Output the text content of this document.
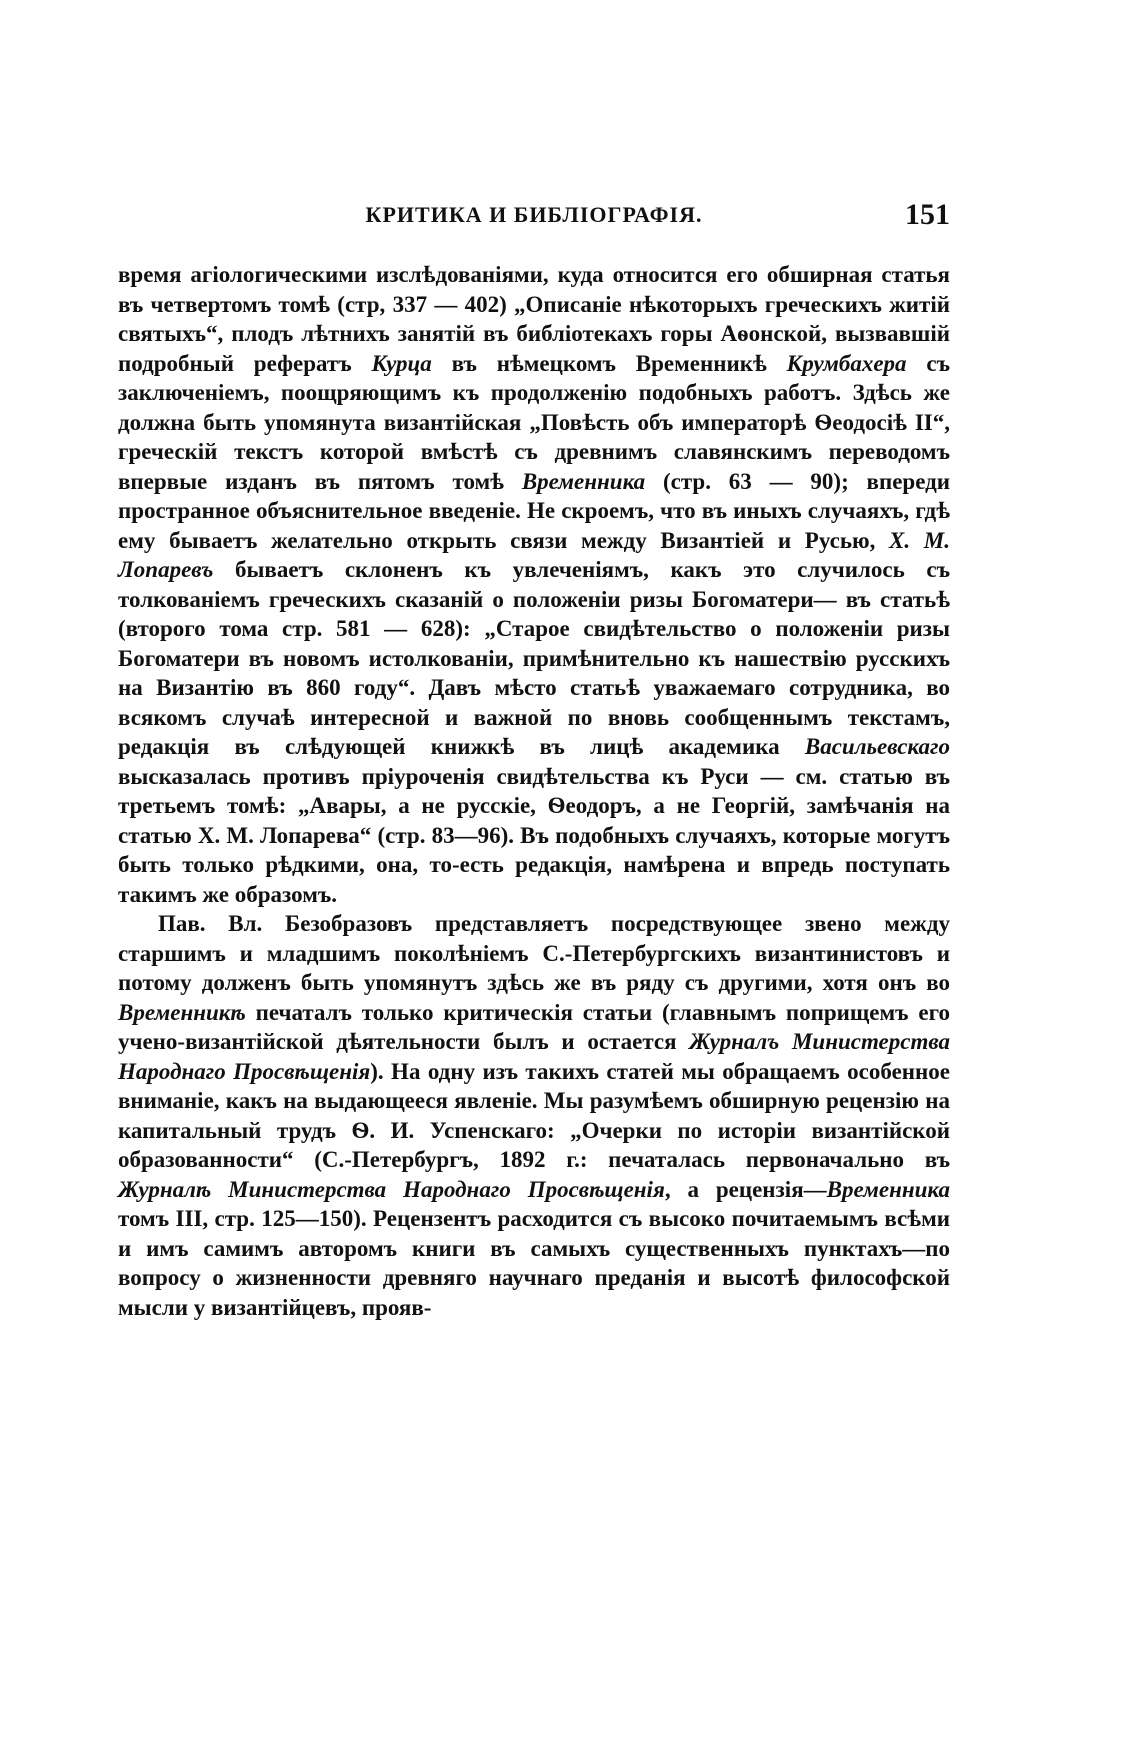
КРИТИКА И БИБЛІОГРАФІЯ.	151

время агіологическими изслѣдованіями, куда относится его обширная статья въ четвертомъ томѣ (стр, 337 — 402) „Описаніе нѣкоторыхъ греческихъ житій святыхъ“, плодъ лѣтнихъ занятій въ библіотекахъ горы Аѳонской, вызвавшій подробный рефератъ Курца въ нѣмецкомъ Временникѣ Крумбахера съ заключеніемъ, поощряющимъ къ продолженію подобныхъ работъ. Здѣсь же должна быть упомянута византійская „Повѣсть объ императорѣ Ѳеодосіѣ II“, греческій текстъ которой вмѣстѣ съ древнимъ славянскимъ переводомъ впервые изданъ въ пятомъ томѣ Временника (стр. 63 — 90); впереди пространное объяснительное введеніе. Не скроемъ, что въ иныхъ случаяхъ, гдѣ ему бываетъ желательно открыть связи между Византіей и Русью, Х. М. Лопаревъ бываетъ склоненъ къ увлеченіямъ, какъ это случилось съ толкованіемъ греческихъ сказаній о положеніи ризы Богоматери— въ статьѣ (второго тома стр. 581 — 628): „Старое свидѣтельство о положеніи ризы Богоматери въ новомъ истолкованіи, примѣнительно къ нашествію русскихъ на Византію въ 860 году“. Давъ мѣсто статьѣ уважаемаго сотрудника, во всякомъ случаѣ интересной и важной по вновь сообщеннымъ текстамъ, редакція въ слѣдующей книжкѣ въ лицѣ академика Васильевскаго высказалась противъ пріуроченія свидѣтельства къ Руси — см. статью въ третьемъ томѣ: „Авары, а не русскіе, Ѳеодоръ, а не Георгій, замѣчанія на статью Х. М. Лопарева“ (стр. 83—96). Въ подобныхъ случаяхъ, которые могутъ быть только рѣдкими, она, то-есть редакція, намѣрена и впредь поступать такимъ же образомъ.

Пав. Вл. Безобразовъ представляетъ посредствующее звено между старшимъ и младшимъ поколѣніемъ С.-Петербургскихъ византинистовъ и потому долженъ быть упомянутъ здѣсь же въ ряду съ другими, хотя онъ во Временникѣ печаталъ только критическія статьи (главнымъ поприщемъ его учено-византійской дѣятельности былъ и остается Журналъ Министерства Народнаго Просвѣщенія). На одну изъ такихъ статей мы обращаемъ особенное вниманіе, какъ на выдающееся явленіе. Мы разумѣемъ обширную рецензію на капитальный трудъ Ѳ. И. Успенскаго: „Очерки по исторіи византійской образованности“ (С.-Петербургъ, 1892 г.: печаталась первоначально въ Журналѣ Министерства Народнаго Просвѣщенія, а рецензія—Временника томъ III, стр. 125—150). Рецензентъ расходится съ высоко почитаемымъ всѣми и имъ самимъ авторомъ книги въ самыхъ существенныхъ пунктахъ—по вопросу о жизненности древняго научнаго преданія и высотѣ философской мысли у византійцевъ, прояв-
